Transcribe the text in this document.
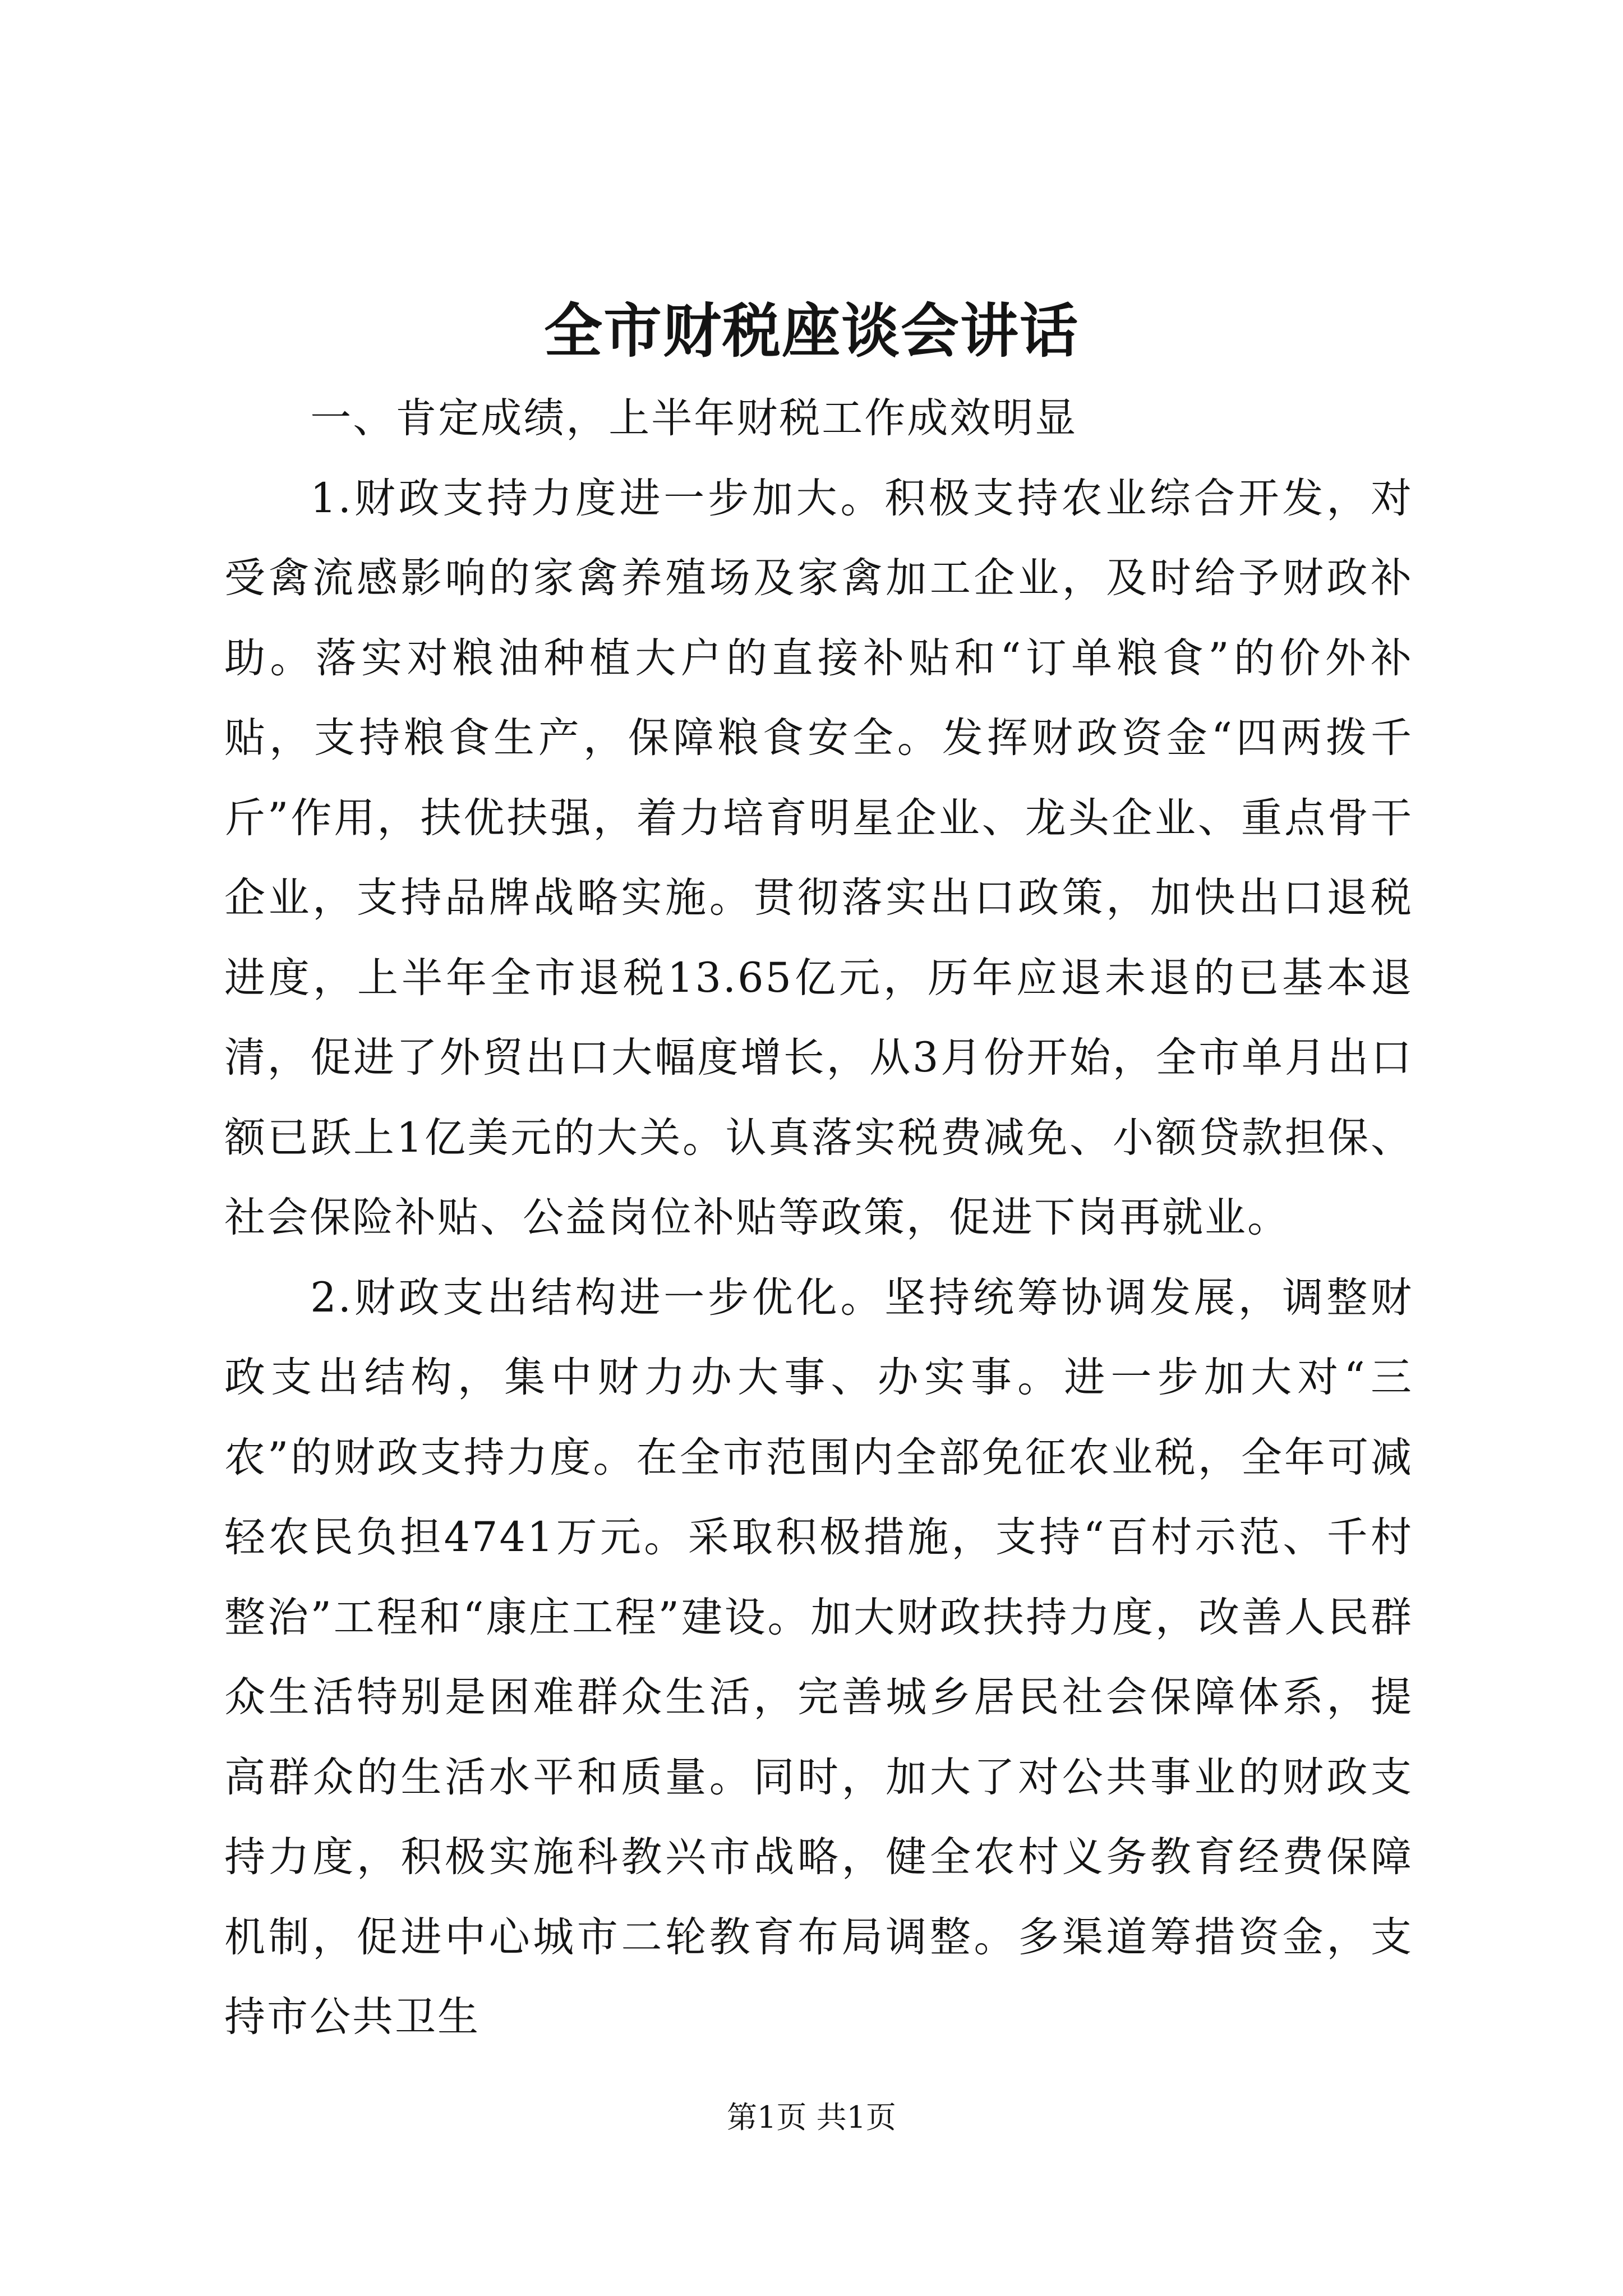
全市财税座谈会讲话

一、肯定成绩，上半年财税工作成效明显

1.财政支持力度进一步加大。积极支持农业综合开发，对受禽流感影响的家禽养殖场及家禽加工企业，及时给予财政补助。落实对粮油种植大户的直接补贴和“订单粮食”的价外补贴，支持粮食生产，保障粮食安全。发挥财政资金“四两拨千斤”作用，扶优扶强，着力培育明星企业、龙头企业、重点骨干企业，支持品牌战略实施。贯彻落实出口政策，加快出口退税进度，上半年全市退税13.65亿元，历年应退未退的已基本退清，促进了外贸出口大幅度增长，从3月份开始，全市单月出口额已跃上1亿美元的大关。认真落实税费减免、小额贷款担保、社会保险补贴、公益岗位补贴等政策，促进下岗再就业。

2.财政支出结构进一步优化。坚持统筹协调发展，调整财政支出结构，集中财力办大事、办实事。进一步加大对“三农”的财政支持力度。在全市范围内全部免征农业税，全年可减轻农民负担4741万元。采取积极措施，支持“百村示范、千村整治”工程和“康庄工程”建设。加大财政扶持力度，改善人民群众生活特别是困难群众生活，完善城乡居民社会保障体系，提高群众的生活水平和质量。同时，加大了对公共事业的财政支持力度，积极实施科教兴市战略，健全农村义务教育经费保障机制，促进中心城市二轮教育布局调整。多渠道筹措资金，支持市公共卫生

第1页 共1页
